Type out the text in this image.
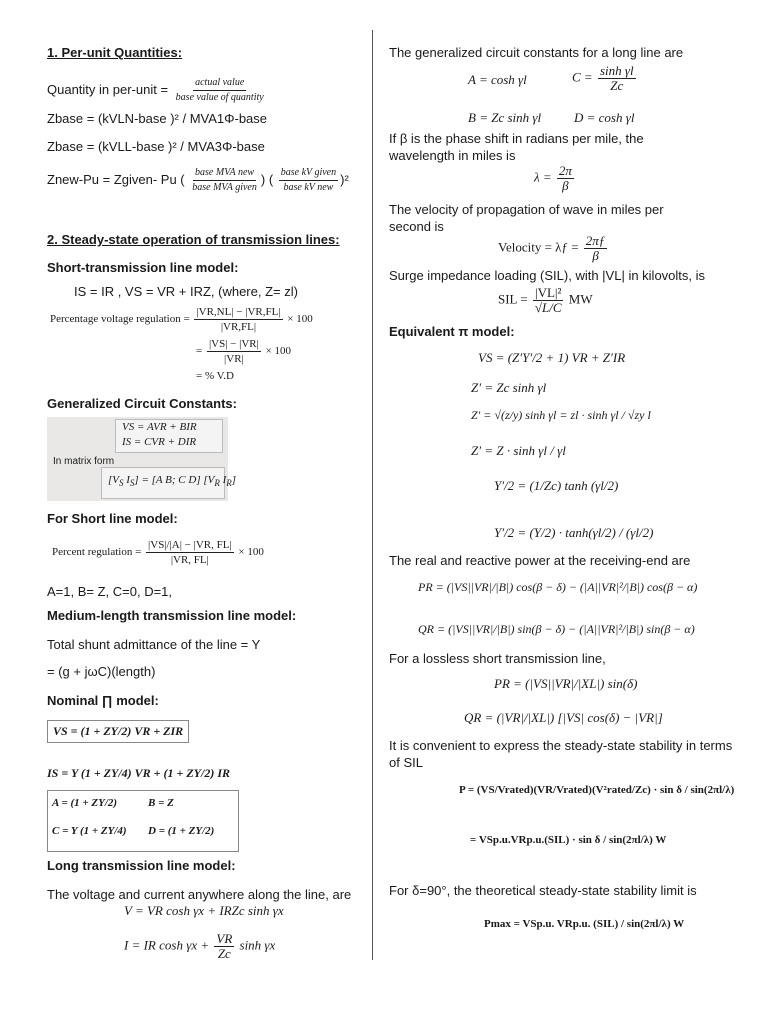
1. Per-unit Quantities:
Quantity in per-unit = $\frac{\text{actual value}}{\text{base value of quantity}}$
Zbase = (kVLN-base )² / MVA1Φ-base
Zbase = (kVLL-base )² / MVA3Φ-base
Znew-Pu = Zgiven- Pu ( $\frac{\text{base MVA new}}{\text{base MVA given}}$ ) ( $\frac{\text{base kV given}}{\text{base kV new}} )^2$
2. Steady-state operation of transmission lines:
Short-transmission line model:
IS = IR , VS = VR + IRZ, (where, Z= zl)
Percentage voltage regulation = $\frac{|VR,NL| - |VR,FL|}{|VR,FL|} \times 100$
= $\frac{|VS| - |VR|}{|VR|} \times 100$
= % V.D
Generalized Circuit Constants:
VS = AVR + BIR
IS = CVR + DIR
In matrix form
[$V_S$ $I_S] = [A$ B; C D] [$V_R$ $I_R$]
For Short line model:
Percent regulation = $\frac{|VS|/|A| - |VR, FL|}{|VR, FL|} \times 100$
A=1, B= Z, C=0, D=1,
Medium-length transmission line model:
Total shunt admittance of the line = Y
= (g + jωC)(length)
Nominal ∏ model:
VS = (1 + ZY/2) VR + ZIR
IS = Y (1 + ZY/4) VR + (1 + ZY/2) IR
A = (1 + ZY/2)	B = Z
C = Y (1 + ZY/4) D = (1 + ZY/2)
Long transmission line model:
The voltage and current anywhere along the line, are
V = VR cosh γx + IRZc sinh γx
I = IR $\cosh \gamma x + \frac{VR}{Zc}$ sinh γx
The generalized circuit constants for a long line are
A = cosh γl	$C = \frac{\text{sinh γl}}{Zc}$
B = Zc sinh γl	D = cosh γl
If β is the phase shift in radians per mile, the wavelength in miles is
$\lambda = \frac{2\pi}{\beta}$
The velocity of propagation of wave in miles per second is
Velocity = λƒ = $\frac{2\pi ƒ}{\beta}$
Surge impedance loading (SIL), with |VL| in kilovolts, is
SIL = $\frac{\text{|VL|²}}{√L/C}$ MW
Equivalent π model:
VS = (Z′Y′/2 + 1) VR + Z′IR
Z′ = Zc sinh γl
Z′ = √(z/y) sinh γl = zl · sinh γl / √zy l
Z′ = Z · sinh γl / γl
Y′/2 = (1/Zc) tanh (γl/2)
Y′/2 = (Y/2) · tanh(γl/2) / (γl/2)
The real and reactive power at the receiving-end are
PR = (|VS||VR|/|B|) cos(β − δ) − (|A||VR|²/|B|) cos(β − α)
QR = (|VS||VR|/|B|) sin(β − δ) − (|A||VR|²/|B|) sin(β − α)
For a lossless short transmission line,
PR = (|VS||VR|/|XL|) sin(δ)
QR = (|VR|/|XL|) [|VS| cos(δ) − |VR|]
It is convenient to express the steady-state stability in terms of SIL
P = (VS/Vrated)(VR/Vrated)(V²rated/Zc) · sin δ / sin(2πl/λ)
= VSp.u.VRp.u.(SIL) · sin δ / sin(2πl/λ) W
For δ=90°, the theoretical steady-state stability limit is
Pmax = VSp.u. VRp.u. (SIL) / sin(2πl/λ) W
